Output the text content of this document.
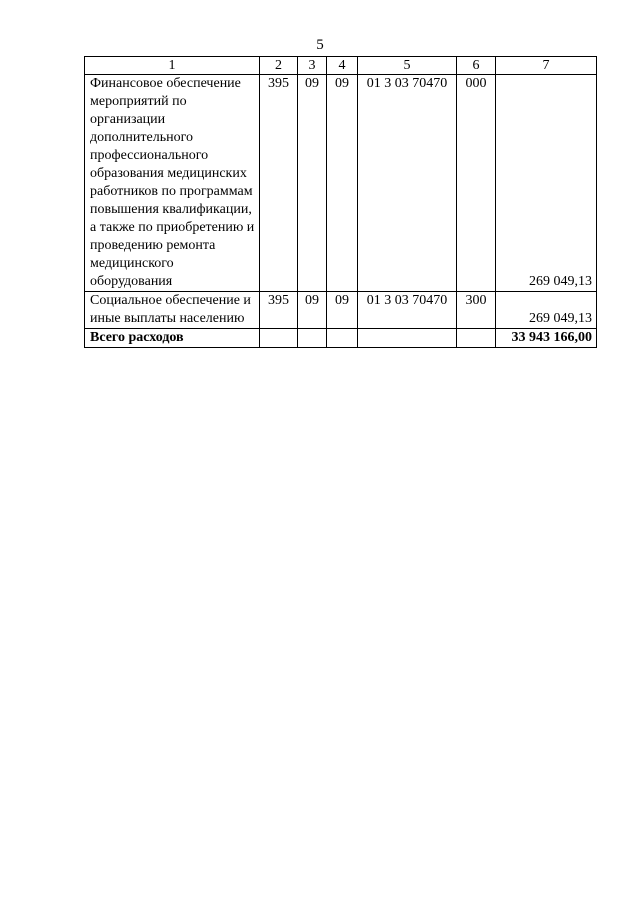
5
1	2	3	4	5	6	7
Финансовое обеспечение мероприятий по организации дополнительного профессионального образования медицинских работников по программам повышения квалификации, а также по приобретению и проведению ремонта медицинского оборудования	395	09	09	01 3 03 70470	000	269 049,13
Социальное обеспечение и иные выплаты населению	395	09	09	01 3 03 70470	300	269 049,13
Всего расходов						33 943 166,00
